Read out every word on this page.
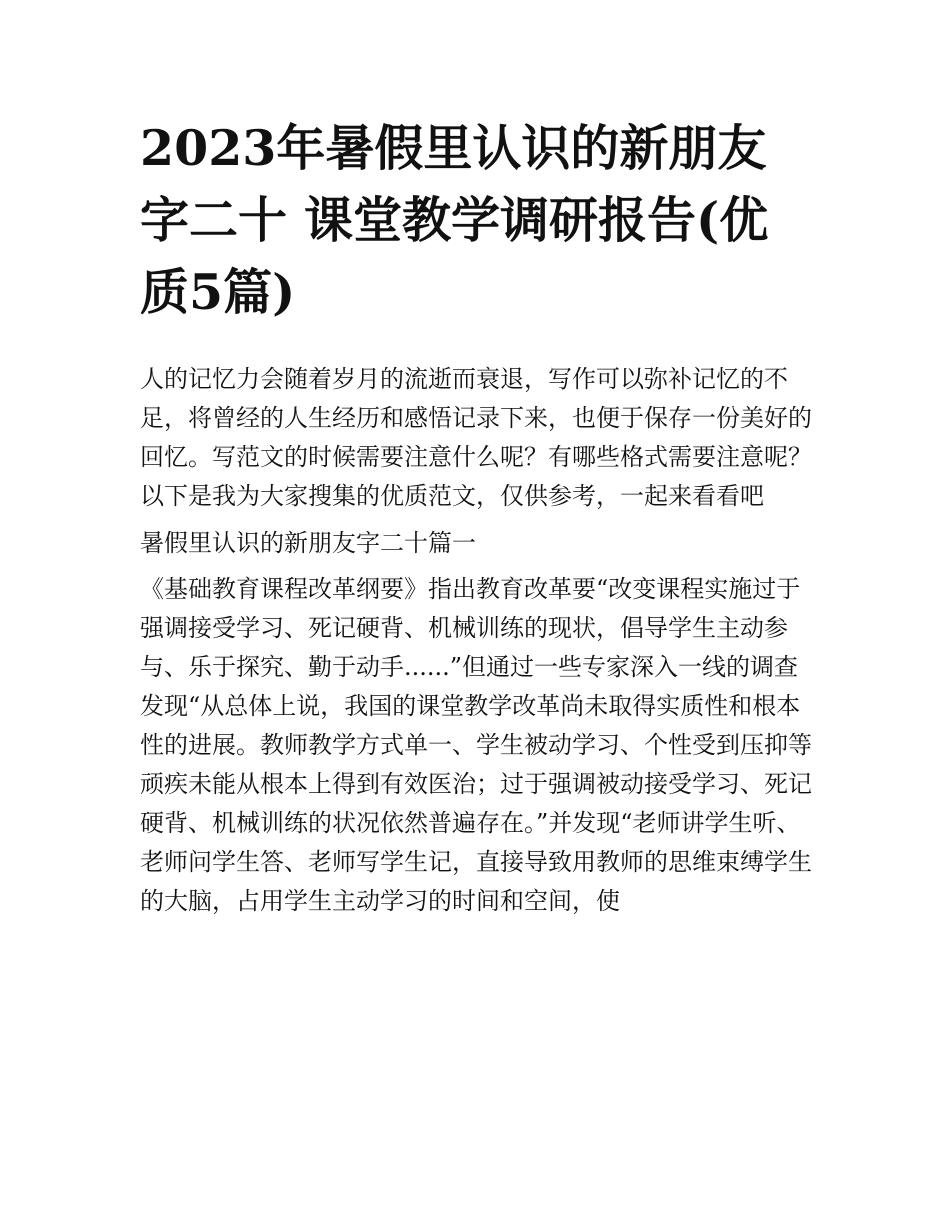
2023年暑假里认识的新朋友字二十 课堂教学调研报告(优质5篇)

人的记忆力会随着岁月的流逝而衰退，写作可以弥补记忆的不足，将曾经的人生经历和感悟记录下来，也便于保存一份美好的回忆。写范文的时候需要注意什么呢？有哪些格式需要注意呢？以下是我为大家搜集的优质范文，仅供参考，一起来看看吧

暑假里认识的新朋友字二十篇一

《基础教育课程改革纲要》指出教育改革要“改变课程实施过于强调接受学习、死记硬背、机械训练的现状，倡导学生主动参与、乐于探究、勤于动手......”但通过一些专家深入一线的调查发现“从总体上说，我国的课堂教学改革尚未取得实质性和根本性的进展。教师教学方式单一、学生被动学习、个性受到压抑等顽疾未能从根本上得到有效医治；过于强调被动接受学习、死记硬背、机械训练的状况依然普遍存在。”并发现“老师讲学生听、老师问学生答、老师写学生记，直接导致用教师的思维束缚学生的大脑，占用学生主动学习的时间和空间，使
